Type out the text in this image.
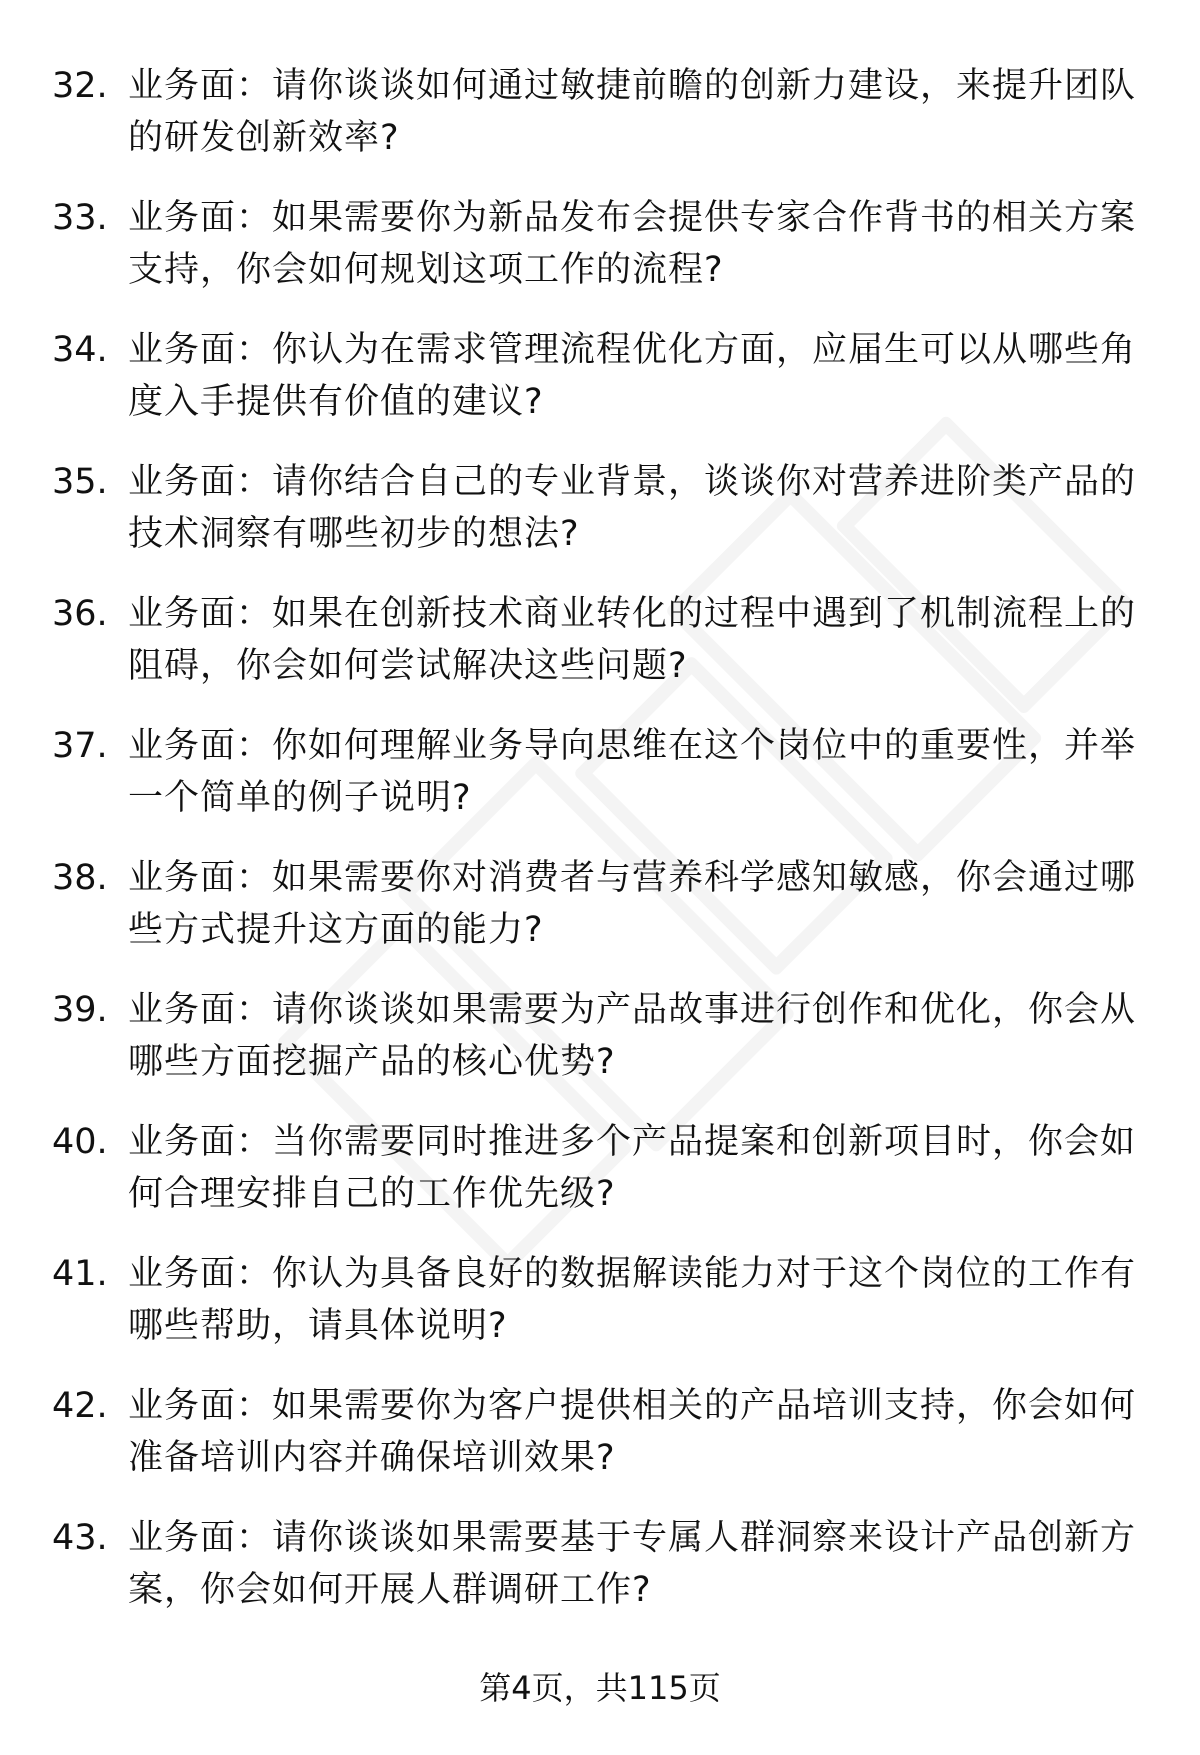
32. 业务面：请你谈谈如何通过敏捷前瞻的创新力建设，来提升团队的研发创新效率?
33. 业务面：如果需要你为新品发布会提供专家合作背书的相关方案支持，你会如何规划这项工作的流程?
34. 业务面：你认为在需求管理流程优化方面，应届生可以从哪些角度入手提供有价值的建议?
35. 业务面：请你结合自己的专业背景，谈谈你对营养进阶类产品的技术洞察有哪些初步的想法?
36. 业务面：如果在创新技术商业转化的过程中遇到了机制流程上的阻碍，你会如何尝试解决这些问题?
37. 业务面：你如何理解业务导向思维在这个岗位中的重要性，并举一个简单的例子说明?
38. 业务面：如果需要你对消费者与营养科学感知敏感，你会通过哪些方式提升这方面的能力?
39. 业务面：请你谈谈如果需要为产品故事进行创作和优化，你会从哪些方面挖掘产品的核心优势?
40. 业务面：当你需要同时推进多个产品提案和创新项目时，你会如何合理安排自己的工作优先级?
41. 业务面：你认为具备良好的数据解读能力对于这个岗位的工作有哪些帮助，请具体说明?
42. 业务面：如果需要你为客户提供相关的产品培训支持，你会如何准备培训内容并确保培训效果?
43. 业务面：请你谈谈如果需要基于专属人群洞察来设计产品创新方案，你会如何开展人群调研工作?
第4页，共115页
